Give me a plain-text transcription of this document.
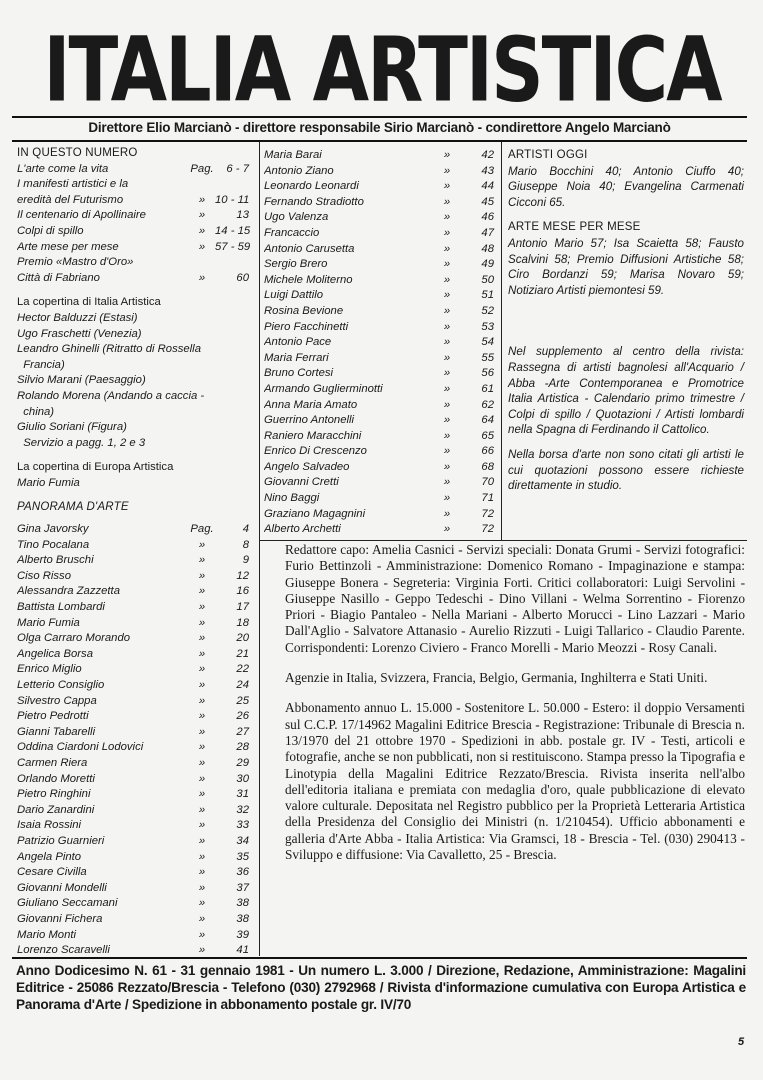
ITALIA ARTISTICA
Direttore Elio Marcianò - direttore responsabile Sirio Marcianò - condirettore Angelo Marcianò
IN QUESTO NUMERO
L'arte come la vita	Pag.	6 - 7
I manifesti artistici e la
eredità del Futurismo	» 10 - 11
Il centenario di Apollinaire	»	13
Colpi di spillo	» 14 - 15
Arte mese per mese	» 57 - 59
Premio «Mastro d'Oro»
Città di Fabriano	»	60
La copertina di Italia Artistica
Hector Balduzzi (Estasi)
Ugo Fraschetti (Venezia)
Leandro Ghinelli (Ritratto di Rossella
Francia)
Silvio Marani (Paesaggio)
Rolando Morena (Andando a caccia -
china)
Giulio Soriani (Figura)
Servizio a pagg. 1, 2 e 3
La copertina di Europa Artistica
Mario Fumia
PANORAMA D'ARTE
Gina Javorsky	Pag.	4
Tino Pocalana	»	8
Alberto Bruschi	»	9
Ciso Risso	»	12
Alessandra Zazzetta	»	16
Battista Lombardi	»	17
Mario Fumia	»	18
Olga Carraro Morando	»	20
Angelica Borsa	»	21
Enrico Miglio	»	22
Letterio Consiglio	»	24
Silvestro Cappa	»	25
Pietro Pedrotti	»	26
Gianni Tabarelli	»	27
Oddina Ciardoni Lodovici	»	28
Carmen Riera	»	29
Orlando Moretti	»	30
Pietro Ringhini	»	31
Dario Zanardini	»	32
Isaia Rossini	»	33
Patrizio Guarnieri	»	34
Angela Pinto	»	35
Cesare Civilla	»	36
Giovanni Mondelli	»	37
Giuliano Seccamani	»	38
Giovanni Fichera	»	38
Mario Monti	»	39
Lorenzo Scaravelli	»	41
Maria Barai	»	42
Antonio Ziano	»	43
Leonardo Leonardi	»	44
Fernando Stradiotto	»	45
Ugo Valenza	»	46
Francaccio	»	47
Antonio Carusetta	»	48
Sergio Brero	»	49
Michele Moliterno	»	50
Luigi Dattilo	»	51
Rosina Bevione	»	52
Piero Facchinetti	»	53
Antonio Pace	»	54
Maria Ferrari	»	55
Bruno Cortesi	»	56
Armando Guglierminotti	»	61
Anna Maria Amato	»	62
Guerrino Antonelli	»	64
Raniero Maracchini	»	65
Enrico Di Crescenzo	»	66
Angelo Salvadeo	»	68
Giovanni Cretti	»	70
Nino Baggi	»	71
Graziano Magagnini	»	72
Alberto Archetti	»	72
ARTISTI OGGI

Mario Bocchini 40; Antonio Ciuffo 40; Giuseppe Noia 40; Evangelina Carmenati Cicconi 65.

ARTE MESE PER MESE

Antonio Mario 57; Isa Scaietta 58; Fausto Scalvini 58; Premio Diffusioni Artistiche 58; Ciro Bordanzi 59; Marisa Novaro 59; Notiziaro Artisti piemontesi 59.

Nel supplemento al centro della rivista: Rassegna di artisti bagnolesi all'Acquario / Abba -Arte Contemporanea e Promotrice Italia Artistica - Calendario primo trimestre / Colpi di spillo / Quotazioni / Artisti lombardi nella Spagna di Ferdinando il Cattolico.

Nella borsa d'arte non sono citati gli artisti le cui quotazioni possono essere richieste direttamente in studio.

Redattore capo: Amelia Casnici - Servizi speciali: Donata Grumi - Servizi fotografici: Furio Bettinzoli - Amministrazione: Domenico Romano - Impaginazione e stampa: Giuseppe Bonera - Segreteria: Virginia Forti. Critici collaboratori: Luigi Servolini - Giuseppe Nasillo - Geppo Tedeschi - Dino Villani - Welma Sorrentino - Fiorenzo Priori - Biagio Pantaleo - Nella Mariani - Alberto Morucci - Lino Lazzari - Mario Dall'Aglio - Salvatore Attanasio - Aurelio Rizzuti - Luigi Tallarico - Claudio Parente. Corrispondenti: Lorenzo Civiero - Franco Morelli - Mario Meozzi - Rosy Canali.

Agenzie in Italia, Svizzera, Francia, Belgio, Germania, Inghilterra e Stati Uniti.

Abbonamento annuo L. 15.000 - Sostenitore L. 50.000 - Estero: il doppio Versamenti sul C.C.P. 17/14962 Magalini Editrice Brescia - Registrazione: Tribunale di Brescia n. 13/1970 del 21 ottobre 1970 - Spedizioni in abb. postale gr. IV - Testi, articoli e fotografie, anche se non pubblicati, non si restituiscono. Stampa presso la Tipografia e Linotypia della Magalini Editrice Rezzato/Brescia. Rivista inserita nell'albo dell'editoria italiana e premiata con medaglia d'oro, quale pubblicazione di elevato valore culturale. Depositata nel Registro pubblico per la Proprietà Letteraria Artistica della Presidenza del Consiglio dei Ministri (n. 1/210454). Ufficio abbonamenti e galleria d'Arte Abba - Italia Artistica: Via Gramsci, 18 - Brescia - Tel. (030) 290413 - Sviluppo e diffusione: Via Cavalletto, 25 - Brescia.

Anno Dodicesimo N. 61 - 31 gennaio 1981 - Un numero L. 3.000 / Direzione, Redazione, Amministrazione: Magalini Editrice - 25086 Rezzato/Brescia - Telefono (030) 2792968 / Rivista d'informazione cumulativa con Europa Artistica e Panorama d'Arte / Spedizione in abbonamento postale gr. IV/70
5
